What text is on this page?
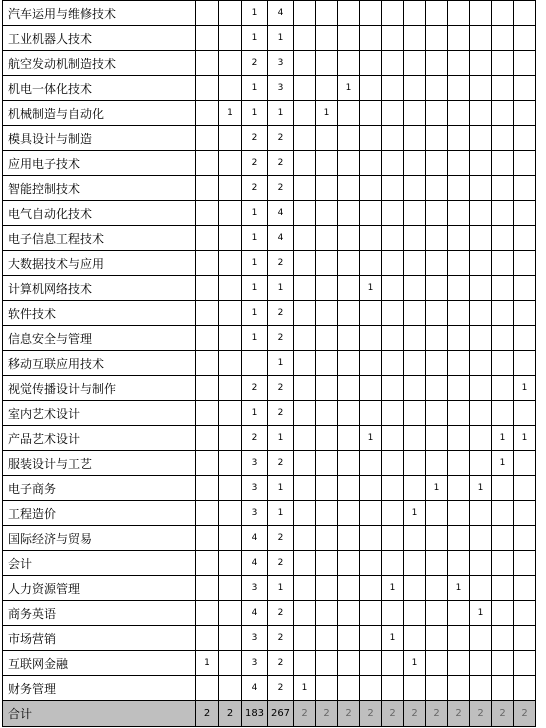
汽车运用与维修技术			1	4											
工业机器人技术			1	1											
航空发动机制造技术			2	3											
机电一体化技术			1	3			1								
机械制造与自动化		1	1	1		1									
模具设计与制造			2	2											
应用电子技术			2	2											
智能控制技术			2	2											
电气自动化技术			1	4											
电子信息工程技术			1	4											
大数据技术与应用			1	2											
计算机网络技术			1	1				1							
软件技术			1	2											
信息安全与管理			1	2											
移动互联应用技术				1											
视觉传播设计与制作			2	2											1
室内艺术设计			1	2											
产品艺术设计			2	1				1						1	1
服装设计与工艺			3	2										1	
电子商务			3	1							1		1		
工程造价			3	1						1					
国际经济与贸易			4	2											
会计			4	2											
人力资源管理			3	1					1			1			
商务英语			4	2									1		
市场营销			3	2					1						
互联网金融	1		3	2						1					
财务管理			4	2	1										
合计	2	2	183	267	2	2	2	2	2	2	2	2	2	2	2
